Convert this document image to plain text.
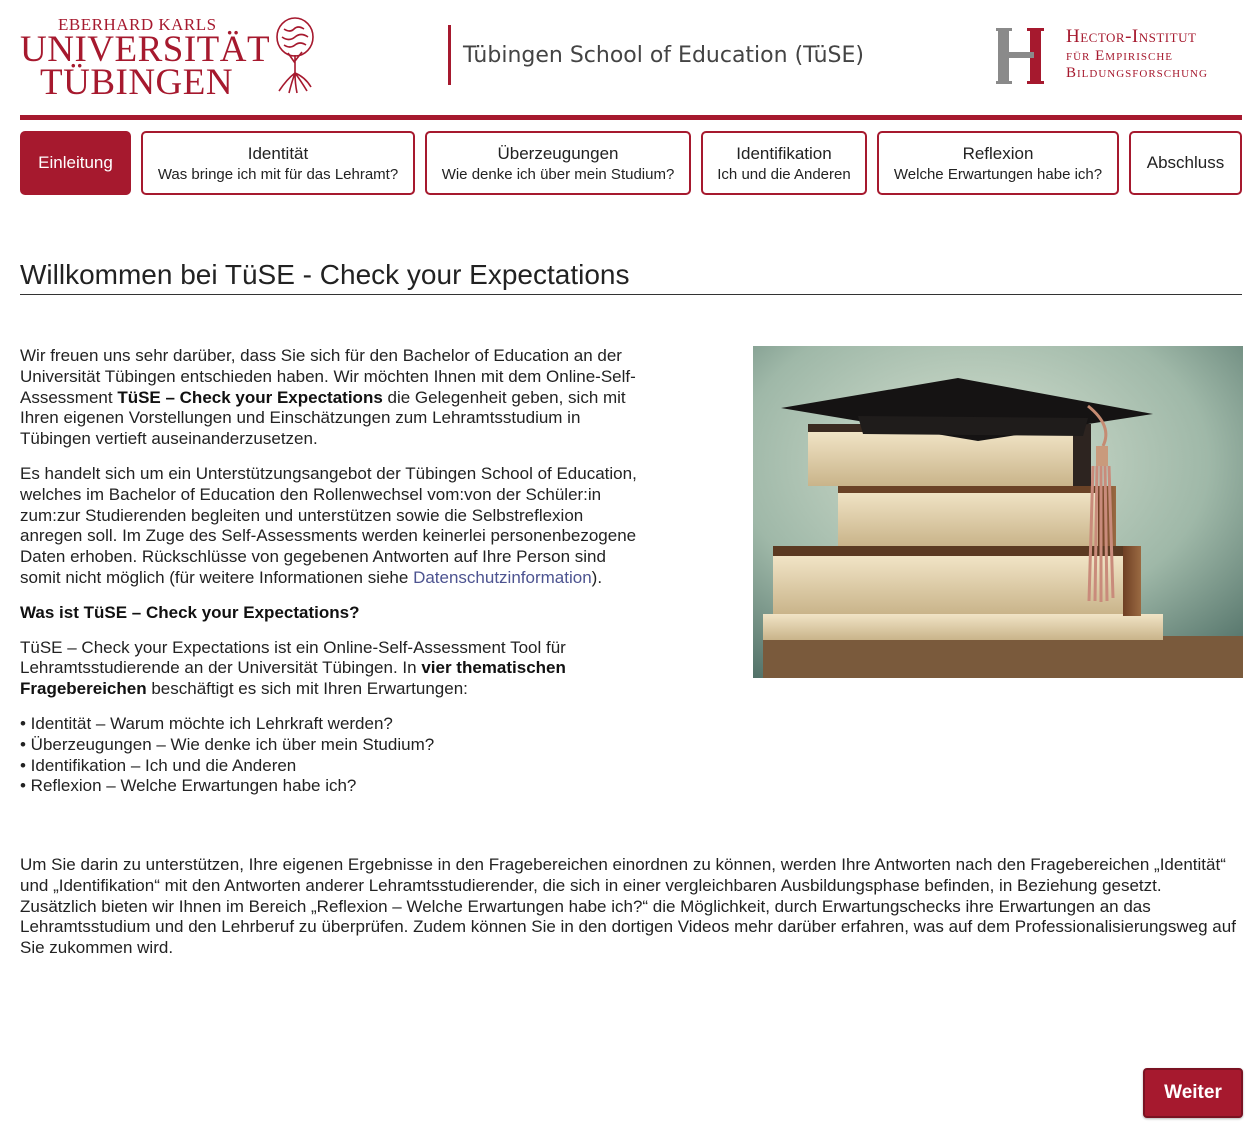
EBERHARD KARLS
UNIVERSITÄT
TÜBINGEN
Tübingen School of Education (TüSE)
Hector-Institut
für Empirische
Bildungsforschung
Einleitung	Identität
Was bringe ich mit für das Lehramt?
Überzeugungen
Wie denke ich über mein Studium?
Identifikation
Ich und die Anderen
Reflexion
Welche Erwartungen habe ich?
Abschluss
Willkommen bei TüSE - Check your Expectations

Wir freuen uns sehr darüber, dass Sie sich für den Bachelor of Education an der Universität Tübingen entschieden haben. Wir möchten Ihnen mit dem Online-Self-Assessment TüSE – Check your Expectations die Gelegenheit geben, sich mit Ihren eigenen Vorstellungen und Einschätzungen zum Lehramtsstudium in Tübingen vertieft auseinanderzusetzen.

Es handelt sich um ein Unterstützungsangebot der Tübingen School of Education, welches im Bachelor of Education den Rollenwechsel vom:von der Schüler:in zum:zur Studierenden begleiten und unterstützen sowie die Selbstreflexion anregen soll. Im Zuge des Self-Assessments werden keinerlei personenbezogene Daten erhoben. Rückschlüsse von gegebenen Antworten auf Ihre Person sind somit nicht möglich (für weitere Informationen siehe Datenschutzinformation).

Was ist TüSE – Check your Expectations?

TüSE – Check your Expectations ist ein Online-Self-Assessment Tool für Lehramtsstudierende an der Universität Tübingen. In vier thematischen Fragebereichen beschäftigt es sich mit Ihren Erwartungen:

• Identität – Warum möchte ich Lehrkraft werden?
• Überzeugungen – Wie denke ich über mein Studium?
• Identifikation – Ich und die Anderen
• Reflexion – Welche Erwartungen habe ich?
Um Sie darin zu unterstützen, Ihre eigenen Ergebnisse in den Fragebereichen einordnen zu können, werden Ihre Antworten nach den Fragebereichen „Identität“ und „Identifikation“ mit den Antworten anderer Lehramtsstudierender, die sich in einer vergleichbaren Ausbildungsphase befinden, in Beziehung gesetzt.
Zusätzlich bieten wir Ihnen im Bereich „Reflexion – Welche Erwartungen habe ich?“ die Möglichkeit, durch Erwartungschecks ihre Erwartungen an das Lehramtsstudium und den Lehrberuf zu überprüfen. Zudem können Sie in den dortigen Videos mehr darüber erfahren, was auf dem Professionalisierungsweg auf Sie zukommen wird.
Weiter
